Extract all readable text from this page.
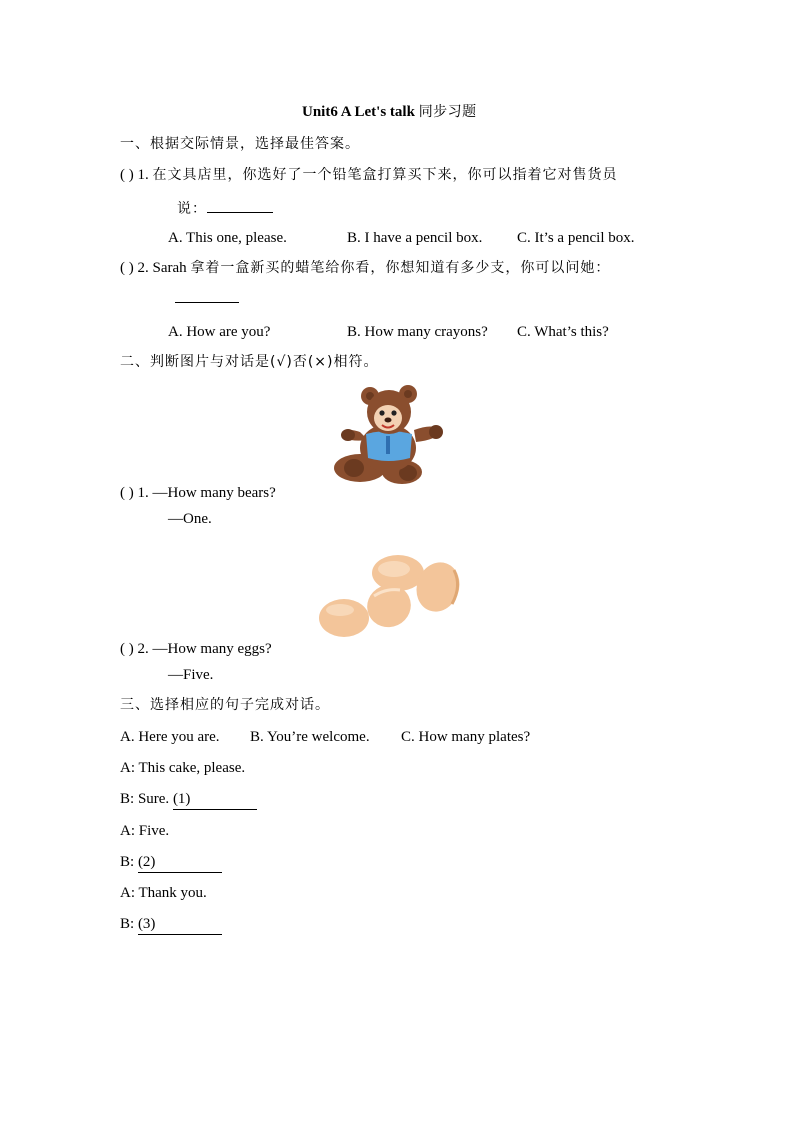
Unit6 A Let's talk 同步习题
一、根据交际情景，选择最佳答案。
( ) 1. 在文具店里，你选好了一个铅笔盒打算买下来，你可以指着它对售货员
说：
A. This one, please.	B. I have a pencil box. C. It’s a pencil box.
( ) 2. Sarah 拿着一盒新买的蜡笔给你看，你想知道有多少支，你可以问她：
A. How are you?	B. How many crayons? C. What’s this?
二、判断图片与对话是(√)否(×)相符。
( ) 1. —How many bears?
—One.
( ) 2. —How many eggs?
—Five.
三、选择相应的句子完成对话。
A. Here you are. B. You’re welcome. C. How many plates?
A: This cake, please.
B: Sure. (1)
A: Five.
B: (2)
A: Thank you.
B: (3)
